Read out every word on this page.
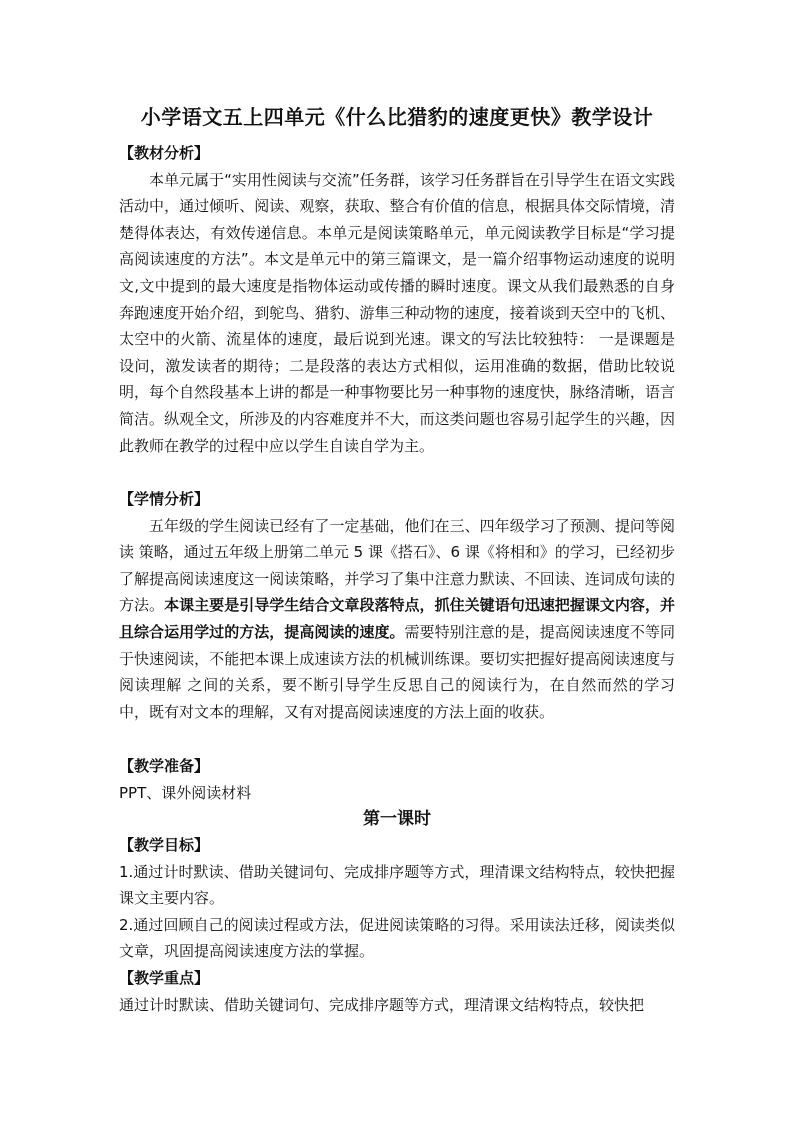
小学语文五上四单元《什么比猎豹的速度更快》教学设计
【教材分析】
本单元属于“实用性阅读与交流”任务群，该学习任务群旨在引导学生在语文实践 活动中，通过倾听、阅读、观察，获取、整合有价值的信息，根据具体交际情境，清楚得体表达，有效传递信息。本单元是阅读策略单元，单元阅读教学目标是“学习提高阅读速度的方法”。本文是单元中的第三篇课文，是一篇介绍事物运动速度的说明文,文中提到的最大速度是指物体运动或传播的瞬时速度。课文从我们最熟悉的自身奔跑速度开始介绍，到鸵鸟、猎豹、游隼三种动物的速度，接着谈到天空中的飞机、太空中的火箭、流星体的速度，最后说到光速。课文的写法比较独特： 一是课题是设问，激发读者的期待；二是段落的表达方式相似，运用准确的数据，借助比较说明，每个自然段基本上讲的都是一种事物要比另一种事物的速度快，脉络清晰，语言简洁。纵观全文，所涉及的内容难度并不大，而这类问题也容易引起学生的兴趣，因此教师在教学的过程中应以学生自读自学为主。
【学情分析】
五年级的学生阅读已经有了一定基础，他们在三、四年级学习了预测、提问等阅读 策略，通过五年级上册第二单元 5 课《搭石》、6 课《将相和》的学习，已经初步了解提高阅读速度这一阅读策略，并学习了集中注意力默读、不回读、连词成句读的方法。本课主要是引导学生结合文章段落特点，抓住关键语句迅速把握课文内容，并且综合运用学过的方法，提高阅读的速度。需要特别注意的是，提高阅读速度不等同于快速阅读，不能把本课上成速读方法的机械训练课。要切实把握好提高阅读速度与阅读理解 之间的关系，要不断引导学生反思自己的阅读行为，在自然而然的学习中，既有对文本的理解，又有对提高阅读速度的方法上面的收获。
【教学准备】
PPT、课外阅读材料
第一课时
【教学目标】
1.通过计时默读、借助关键词句、完成排序题等方式，理清课文结构特点，较快把握课文主要内容。
2.通过回顾自己的阅读过程或方法，促进阅读策略的习得。采用读法迁移，阅读类似文章，巩固提高阅读速度方法的掌握。
【教学重点】
通过计时默读、借助关键词句、完成排序题等方式，理清课文结构特点，较快把
